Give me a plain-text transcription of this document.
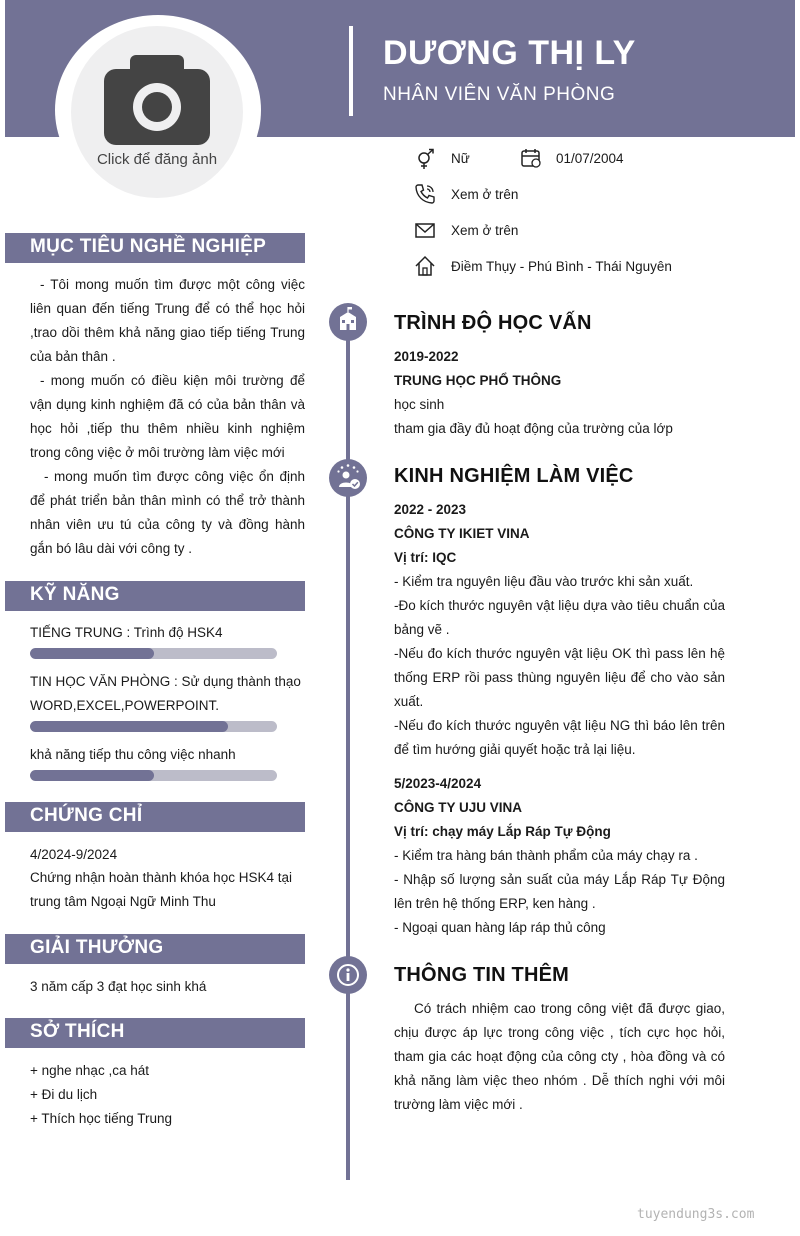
Click để đăng ảnh
DƯƠNG THỊ LY
NHÂN VIÊN VĂN PHÒNG
Nữ	01/07/2004
Xem ở trên
Xem ở trên
Điềm Thụy - Phú Bình - Thái Nguyên
MỤC TIÊU NGHỀ NGHIỆP
- Tôi mong muốn tìm được một công việc liên quan đến tiếng Trung để có thể học hỏi ,trao dồi thêm khả năng giao tiếp tiếng Trung của bản thân .
- mong muốn có điều kiện môi trường để vận dụng kinh nghiệm đã có của bản thân và học hỏi ,tiếp thu thêm nhiều kinh nghiệm trong công việc ở môi trường làm việc mới
- mong muốn tìm được công việc ổn định để phát triển bản thân mình có thể trở thành nhân viên ưu tú của công ty và đồng hành gắn bó lâu dài với công ty .
KỸ NĂNG
TIẾNG TRUNG : Trình độ HSK4
TIN HỌC VĂN PHÒNG : Sử dụng thành thạo WORD,EXCEL,POWERPOINT.
khả năng tiếp thu công việc nhanh
CHỨNG CHỈ
4/2024-9/2024
Chứng nhận hoàn thành khóa học HSK4 tại trung tâm Ngoại Ngữ Minh Thu
GIẢI THƯỞNG
3 năm cấp 3 đạt học sinh khá
SỞ THÍCH
+ nghe nhạc ,ca hát
+ Đi du lịch
+ Thích học tiếng Trung
TRÌNH ĐỘ HỌC VẤN
2019-2022
TRUNG HỌC PHỔ THÔNG
học sinh
tham gia đầy đủ hoạt động của trường của lớp
KINH NGHIỆM LÀM VIỆC
2022 - 2023
CÔNG TY IKIET VINA
Vị trí: IQC
- Kiểm tra nguyên liệu đầu vào trước khi sản xuất.
-Đo kích thước nguyên vật liệu dựa vào tiêu chuẩn của bảng vẽ .
-Nếu đo kích thước nguyên vật liệu OK thì pass lên hệ thống ERP rồi pass thùng nguyên liệu để cho vào sản xuất.
-Nếu đo kích thước nguyên vật liệu NG thì báo lên trên để tìm hướng giải quyết hoặc trả lại liệu.
5/2023-4/2024
CÔNG TY UJU VINA
Vị trí: chạy máy Lắp Ráp Tự Động
- Kiểm tra hàng bán thành phẩm của máy chạy ra .
- Nhập số lượng sản suất của máy Lắp Ráp Tự Động lên trên hệ thống ERP, ken hàng .
- Ngoại quan hàng láp ráp thủ công
THÔNG TIN THÊM
Có trách nhiệm cao trong công việt đã được giao, chịu được áp lực trong công việc , tích cực học hỏi, tham gia các hoạt động của công cty , hòa đồng và có khả năng làm việc theo nhóm . Dễ thích nghi với môi trường làm việc mới .
tuyendung3s.com
